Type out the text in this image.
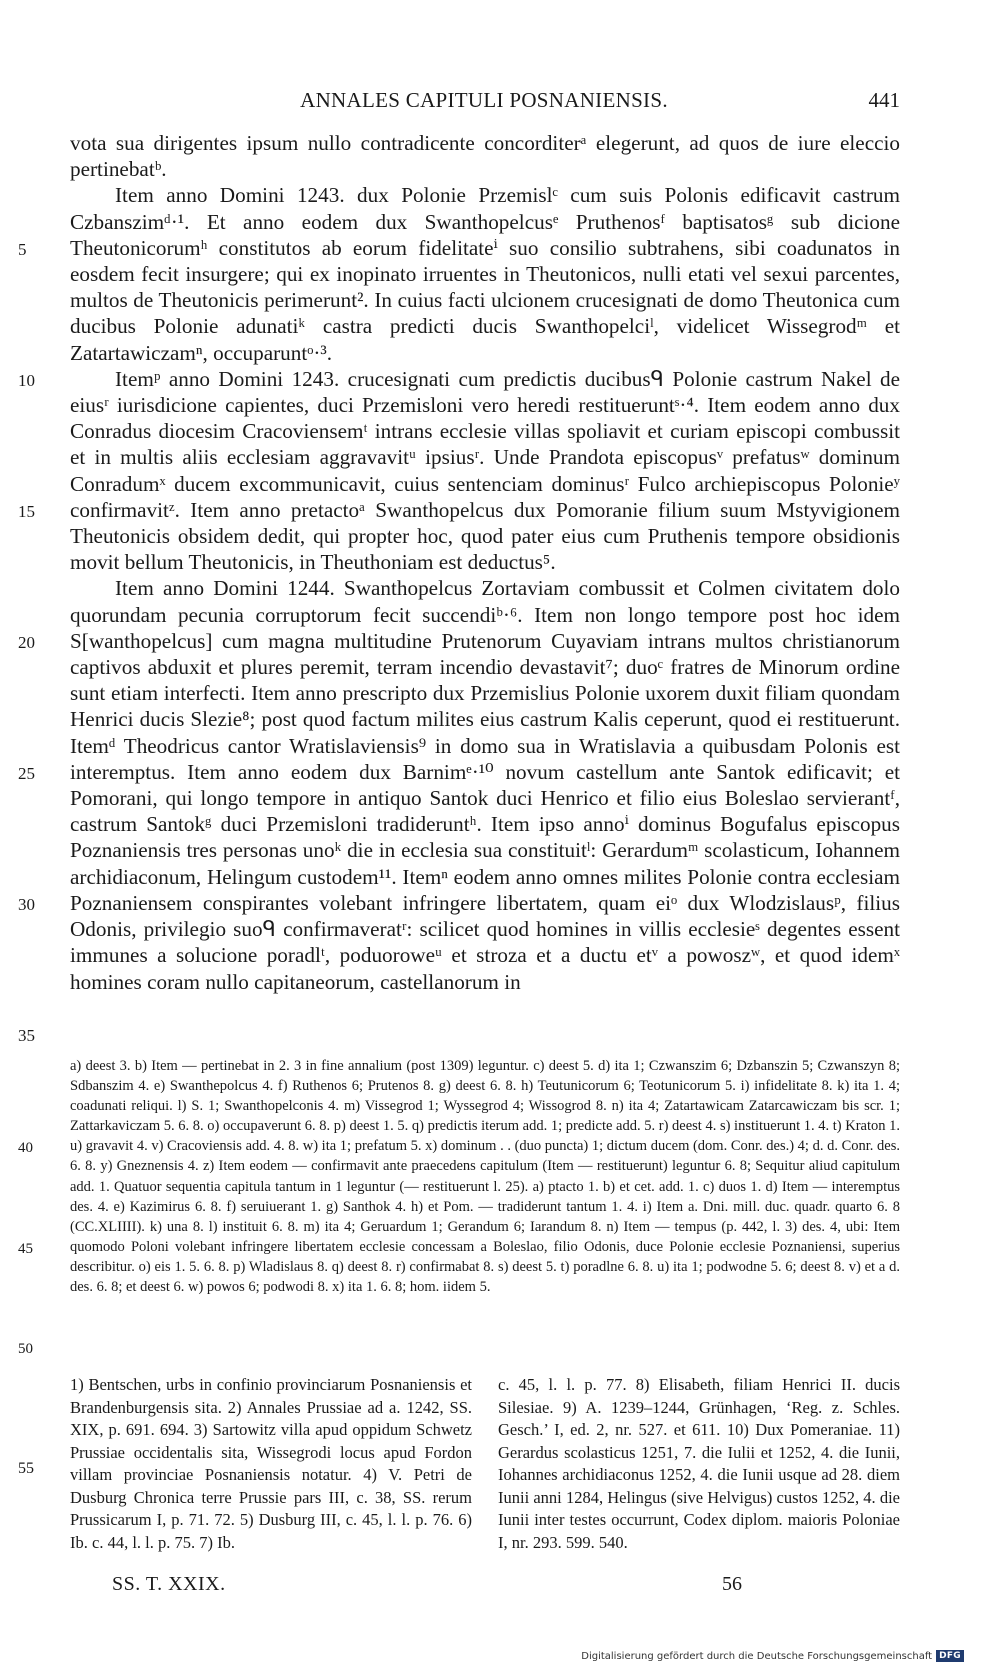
ANNALES CAPITULI POSNANIENSIS.	441
5
10
15
20
25
30
35

vota sua dirigentes ipsum nullo contradicente concorditerᵃ elegerunt, ad quos de iure eleccio pertinebatᵇ.

Item anno Domini 1243. dux Polonie Przemislᶜ cum suis Polonis edificavit castrum Czbanszimᵈ·¹. Et anno eodem dux Swanthopelcusᵉ Pruthenosᶠ baptisatosᵍ sub dicione Theutonicorumʰ constitutos ab eorum fidelitateⁱ suo consilio subtrahens, sibi coadunatos in eosdem fecit insurgere; qui ex inopinato irruentes in Theutonicos, nulli etati vel sexui parcentes, multos de Theutonicis perimerunt². In cuius facti ulcionem crucesignati de domo Theutonica cum ducibus Polonie adunatiᵏ castra predicti ducis Swanthopelciˡ, videlicet Wissegrodᵐ et Zatartawiczamⁿ, occuparuntᵒ·³.

Itemᵖ anno Domini 1243. crucesignati cum predictis ducibusᑫ Polonie castrum Nakel de eiusʳ iurisdicione capientes, duci Przemisloni vero heredi restitueruntˢ·⁴. Item eodem anno dux Conradus diocesim Cracoviensemᵗ intrans ecclesie villas spoliavit et curiam episcopi combussit et in multis aliis ecclesiam aggravavitᵘ ipsiusʳ. Unde Prandota episcopusᵛ prefatusʷ dominum Conradumˣ ducem excommunicavit, cuius sentenciam dominusʳ Fulco archiepiscopus Polonieʸ confirmavitᶻ. Item anno pretactoᵃ Swanthopelcus dux Pomoranie filium suum Mstyvigionem Theutonicis obsidem dedit, qui propter hoc, quod pater eius cum Pruthenis tempore obsidionis movit bellum Theutonicis, in Theuthoniam est deductus⁵.

Item anno Domini 1244. Swanthopelcus Zortaviam combussit et Colmen civitatem dolo quorundam pecunia corruptorum fecit succendiᵇ·⁶. Item non longo tempore post hoc idem S[wanthopelcus] cum magna multitudine Prutenorum Cuyaviam intrans multos christianorum captivos abduxit et plures peremit, terram incendio devastavit⁷; duoᶜ fratres de Minorum ordine sunt etiam interfecti. Item anno prescripto dux Przemislius Polonie uxorem duxit filiam quondam Henrici ducis Slezie⁸; post quod factum milites eius castrum Kalis ceperunt, quod ei restituerunt. Itemᵈ Theodricus cantor Wratislaviensis⁹ in domo sua in Wratislavia a quibusdam Polonis est interemptus. Item anno eodem dux Barnimᵉ·¹⁰ novum castellum ante Santok edificavit; et Pomorani, qui longo tempore in antiquo Santok duci Henrico et filio eius Boleslao servierantᶠ, castrum Santokᵍ duci Przemisloni tradideruntʰ. Item ipso annoⁱ dominus Bogufalus episcopus Poznaniensis tres personas unoᵏ die in ecclesia sua constituitˡ: Gerardumᵐ scolasticum, Iohannem archidiaconum, Helingum custodem¹¹. Itemⁿ eodem anno omnes milites Polonie contra ecclesiam Poznaniensem conspirantes volebant infringere libertatem, quam eiᵒ dux Wlodzislausᵖ, filius Odonis, privilegio suoᑫ confirmaveratʳ: scilicet quod homines in villis ecclesieˢ degentes essent immunes a solucione poradlᵗ, poduoroweᵘ et stroza et a ductu etᵛ a powoszʷ, et quod idemˣ homines coram nullo capitaneorum, castellanorum in

40
45
50

a) deest 3. b) Item — pertinebat in 2. 3 in fine annalium (post 1309) leguntur. c) deest 5. d) ita 1; Czwanszim 6; Dzbanszin 5; Czwanszyn 8; Sdbanszim 4. e) Swanthepolcus 4. f) Ruthenos 6; Prutenos 8. g) deest 6. 8. h) Teutunicorum 6; Teotunicorum 5. i) infidelitate 8. k) ita 1. 4; coadunati reliqui. l) S. 1; Swanthopelconis 4. m) Vissegrod 1; Wyssegrod 4; Wissogrod 8. n) ita 4; Zatartawicam Zatarcawiczam bis scr. 1; Zattarkaviczam 5. 6. 8. o) occupaverunt 6. 8. p) deest 1. 5. q) predictis iterum add. 1; predicte add. 5. r) deest 4. s) instituerunt 1. 4. t) Kraton 1. u) gravavit 4. v) Cracoviensis add. 4. 8. w) ita 1; prefatum 5. x) dominum . . (duo puncta) 1; dictum ducem (dom. Conr. des.) 4; d. d. Conr. des. 6. 8. y) Gneznensis 4. z) Item eodem — confirmavit ante praecedens capitulum (Item — restituerunt) leguntur 6. 8; Sequitur aliud capitulum add. 1. Quatuor sequentia capitula tantum in 1 leguntur (— restituerunt l. 25). a) ptacto 1. b) et cet. add. 1. c) duos 1. d) Item — interemptus des. 4. e) Kazimirus 6. 8. f) seruiuerant 1. g) Santhok 4. h) et Pom. — tradiderunt tantum 1. 4. i) Item a. Dni. mill. duc. quadr. quarto 6. 8 (CC.XLIIII). k) una 8. l) instituit 6. 8. m) ita 4; Geruardum 1; Gerandum 6; Iarandum 8. n) Item — tempus (p. 442, l. 3) des. 4, ubi: Item quomodo Poloni volebant infringere libertatem ecclesie concessam a Boleslao, filio Odonis, duce Polonie ecclesie Poznaniensi, superius describitur. o) eis 1. 5. 6. 8. p) Wladislaus 8. q) deest 8. r) confirmabat 8. s) deest 5. t) poradlne 6. 8. u) ita 1; podwodne 5. 6; deest 8. v) et a d. des. 6. 8; et deest 6. w) powos 6; podwodi 8. x) ita 1. 6. 8; hom. iidem 5.

55

1) Bentschen, urbs in confinio provinciarum Posnaniensis et Brandenburgensis sita. 2) Annales Prussiae ad a. 1242, SS. XIX, p. 691. 694. 3) Sartowitz villa apud oppidum Schwetz Prussiae occidentalis sita, Wissegrodi locus apud Fordon villam provinciae Posnaniensis notatur. 4) V. Petri de Dusburg Chronica terre Prussie pars III, c. 38, SS. rerum Prussicarum I, p. 71. 72. 5) Dusburg III, c. 45, l. l. p. 76. 6) Ib. c. 44, l. l. p. 75. 7) Ib.

c. 45, l. l. p. 77. 8) Elisabeth, filiam Henrici II. ducis Silesiae. 9) A. 1239–1244, Grünhagen, ‘Reg. z. Schles. Gesch.’ I, ed. 2, nr. 527. et 611. 10) Dux Pomeraniae. 11) Gerardus scolasticus 1251, 7. die Iulii et 1252, 4. die Iunii, Iohannes archidiaconus 1252, 4. die Iunii usque ad 28. diem Iunii anni 1284, Helingus (sive Helvigus) custos 1252, 4. die Iunii inter testes occurrunt, Codex diplom. maioris Poloniae I, nr. 293. 599. 540.

SS. T. XXIX.	56
Digitalisierung gefördert durch die Deutsche Forschungsgemeinschaft DFG
